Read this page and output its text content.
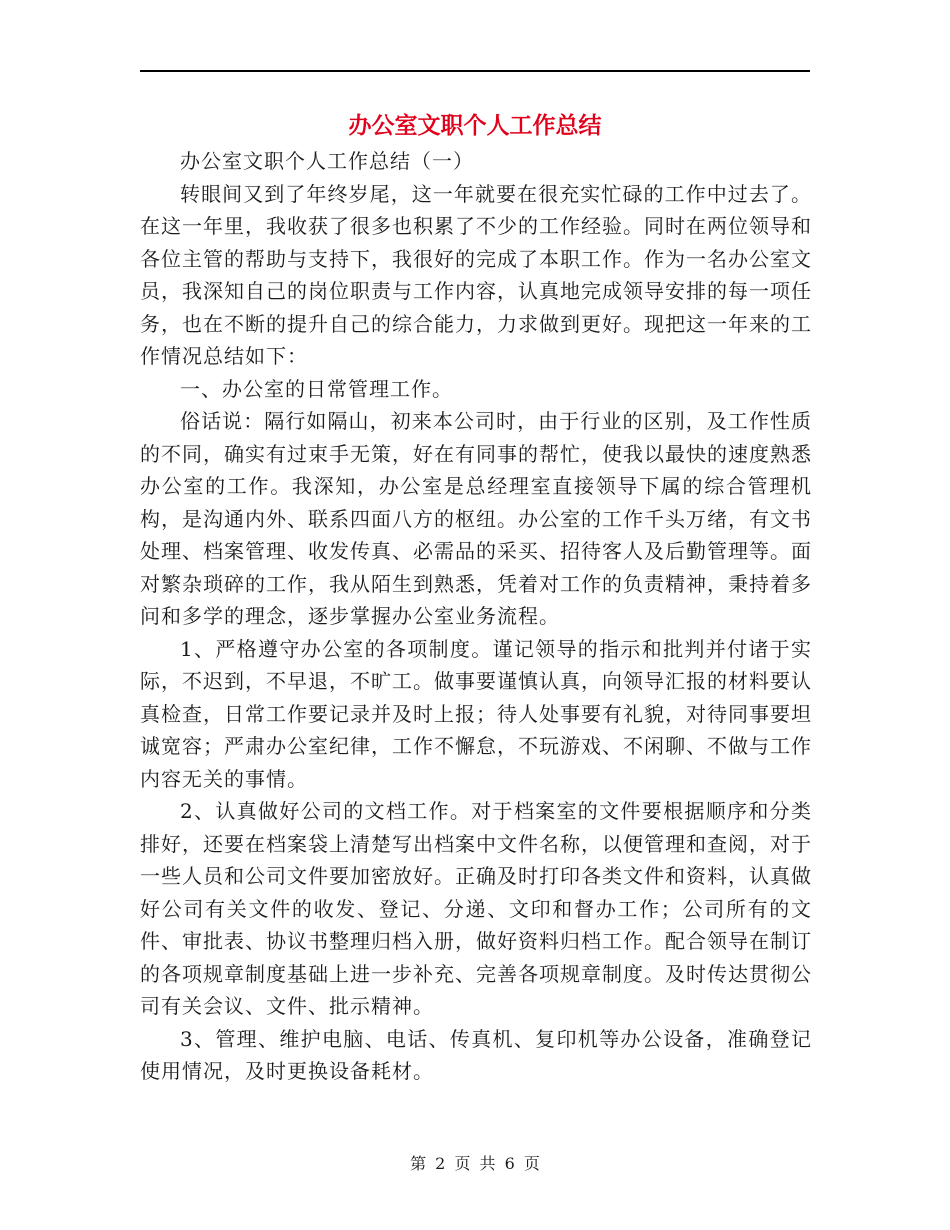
办公室文职个人工作总结

办公室文职个人工作总结（一）

转眼间又到了年终岁尾，这一年就要在很充实忙碌的工作中过去了。在这一年里，我收获了很多也积累了不少的工作经验。同时在两位领导和各位主管的帮助与支持下，我很好的完成了本职工作。作为一名办公室文员，我深知自己的岗位职责与工作内容，认真地完成领导安排的每一项任务，也在不断的提升自己的综合能力，力求做到更好。现把这一年来的工作情况总结如下：

一、办公室的日常管理工作。

俗话说：隔行如隔山，初来本公司时，由于行业的区别，及工作性质的不同，确实有过束手无策，好在有同事的帮忙，使我以最快的速度熟悉办公室的工作。我深知，办公室是总经理室直接领导下属的综合管理机构，是沟通内外、联系四面八方的枢纽。办公室的工作千头万绪，有文书处理、档案管理、收发传真、必需品的采买、招待客人及后勤管理等。面对繁杂琐碎的工作，我从陌生到熟悉，凭着对工作的负责精神，秉持着多问和多学的理念，逐步掌握办公室业务流程。

1、严格遵守办公室的各项制度。谨记领导的指示和批判并付诸于实际，不迟到，不早退，不旷工。做事要谨慎认真，向领导汇报的材料要认真检查，日常工作要记录并及时上报；待人处事要有礼貌，对待同事要坦诚宽容；严肃办公室纪律，工作不懈怠，不玩游戏、不闲聊、不做与工作内容无关的事情。

2、认真做好公司的文档工作。对于档案室的文件要根据顺序和分类排好，还要在档案袋上清楚写出档案中文件名称，以便管理和查阅，对于一些人员和公司文件要加密放好。正确及时打印各类文件和资料，认真做好公司有关文件的收发、登记、分递、文印和督办工作；公司所有的文件、审批表、协议书整理归档入册，做好资料归档工作。配合领导在制订的各项规章制度基础上进一步补充、完善各项规章制度。及时传达贯彻公司有关会议、文件、批示精神。

3、管理、维护电脑、电话、传真机、复印机等办公设备，准确登记使用情况，及时更换设备耗材。

第 2 页 共 6 页
